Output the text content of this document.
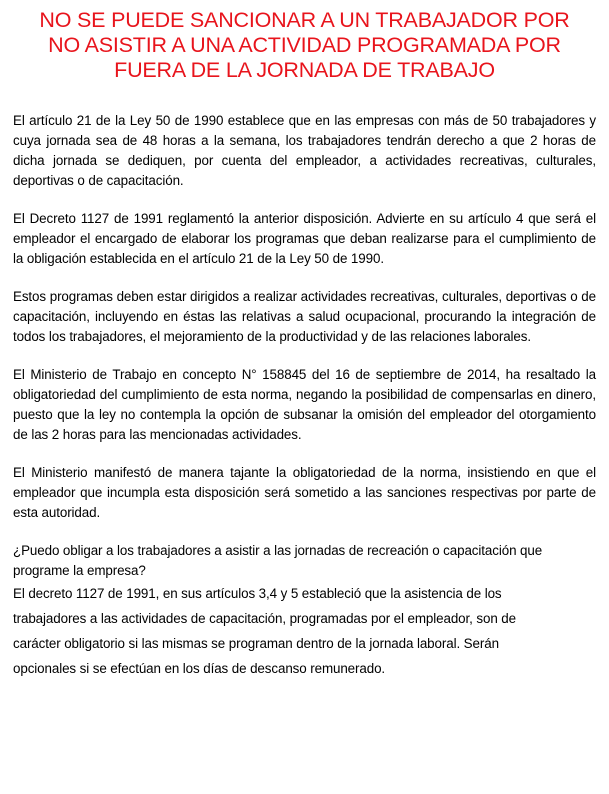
NO SE PUEDE SANCIONAR A UN TRABAJADOR POR
NO ASISTIR A UNA ACTIVIDAD PROGRAMADA POR
FUERA DE LA JORNADA DE TRABAJO

El artículo 21 de la Ley 50 de 1990 establece que en las empresas con más de 50 trabajadores y cuya jornada sea de 48 horas a la semana, los trabajadores tendrán derecho a que 2 horas de dicha jornada se dediquen, por cuenta del empleador, a actividades recreativas, culturales, deportivas o de capacitación.

El Decreto 1127 de 1991 reglamentó la anterior disposición. Advierte en su artículo 4 que será el empleador el encargado de elaborar los programas que deban realizarse para el cumplimiento de la obligación establecida en el artículo 21 de la Ley 50 de 1990.

Estos programas deben estar dirigidos a realizar actividades recreativas, culturales, deportivas o de capacitación, incluyendo en éstas las relativas a salud ocupacional, procurando la integración de todos los trabajadores, el mejoramiento de la productividad y de las relaciones laborales.

El Ministerio de Trabajo en concepto N° 158845 del 16 de septiembre de 2014, ha resaltado la obligatoriedad del cumplimiento de esta norma, negando la posibilidad de compensarlas en dinero, puesto que la ley no contempla la opción de subsanar la omisión del empleador del otorgamiento de las 2 horas para las mencionadas actividades.

El Ministerio manifestó de manera tajante la obligatoriedad de la norma, insistiendo en que el empleador que incumpla esta disposición será sometido a las sanciones respectivas por parte de esta autoridad.

¿Puedo obligar a los trabajadores a asistir a las jornadas de recreación o capacitación que programe la empresa?

El decreto 1127 de 1991, en sus artículos 3,4 y 5 estableció que la asistencia de los
trabajadores a las actividades de capacitación, programadas por el empleador, son de
carácter obligatorio si las mismas se programan dentro de la jornada laboral. Serán
opcionales si se efectúan en los días de descanso remunerado.
